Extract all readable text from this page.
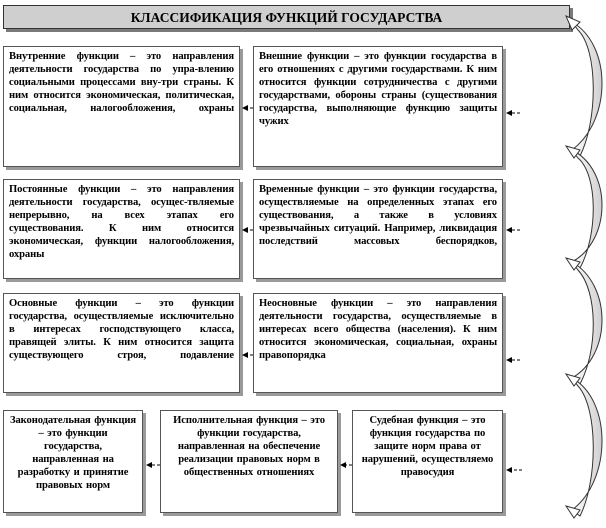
КЛАССИФИКАЦИЯ ФУНКЦИЙ ГОСУДАРСТВА
Внутренние функции – это направления деятельности государства по упра-влению социальными процессами вну-три страны. К ним относится экономическая, политическая, социальная, налогообложения, охраны
Внешние функции – это функции государства в его отношениях с другими государствами. К ним относится функции сотрудничества с другими государствами, обороны страны (существования государства, выполняющие функцию защиты чужих
Постоянные функции – это направления деятельности государства, осущес-твляемые непрерывно, на всех этапах его существования. К ним относится экономическая, функции налогообложения, охраны
Временные функции – это функции государства, осуществляемые на определенных этапах его существования, а также в условиях чрезвычайных ситуаций. Например, ликвидация последствий массовых беспорядков,
Основные функции – это функции государства, осуществляемые исключительно в интересах господствующего класса, правящей элиты. К ним относится защита существующего строя, подавление
Неосновные функции – это направления деятельности государства, осуществляемые в интересах всего общества (населения). К ним относится экономическая, социальная, охраны правопорядка
Законодательная функция – это функции государства, направленная на разработку и принятие правовых норм
Исполнительная функция – это функции государства, направленная на обеспечение реализации правовых норм в общественных отношениях
Судебная функция – это функция государства по защите норм права от нарушений, осуществляемо правосудия
